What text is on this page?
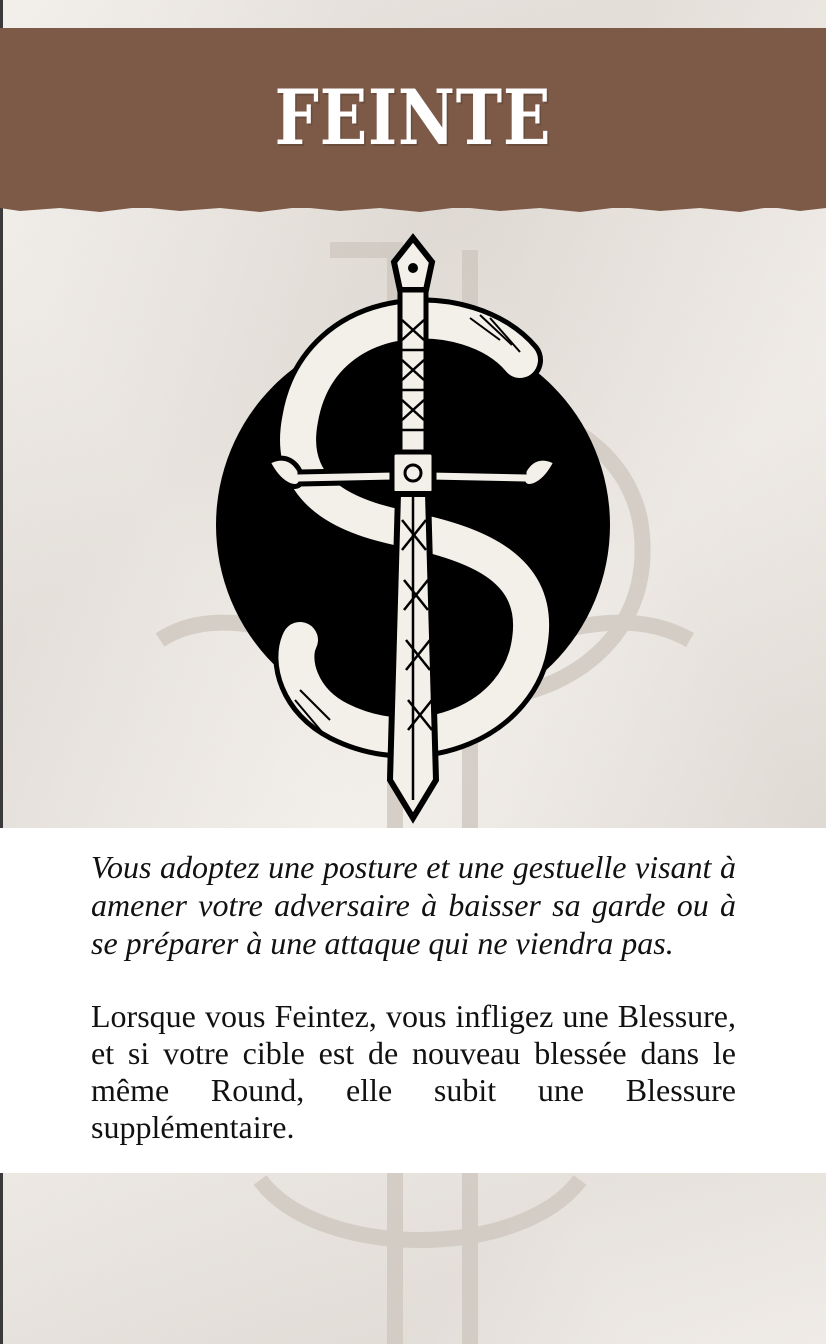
FEINTE
Vous adoptez une posture et une gestuelle visant à amener votre adversaire à baisser sa garde ou à se préparer à une attaque qui ne viendra pas.
Lorsque vous Feintez, vous infligez une Blessure, et si votre cible est de nouveau blessée dans le même Round, elle subit une Blessure supplémentaire.
